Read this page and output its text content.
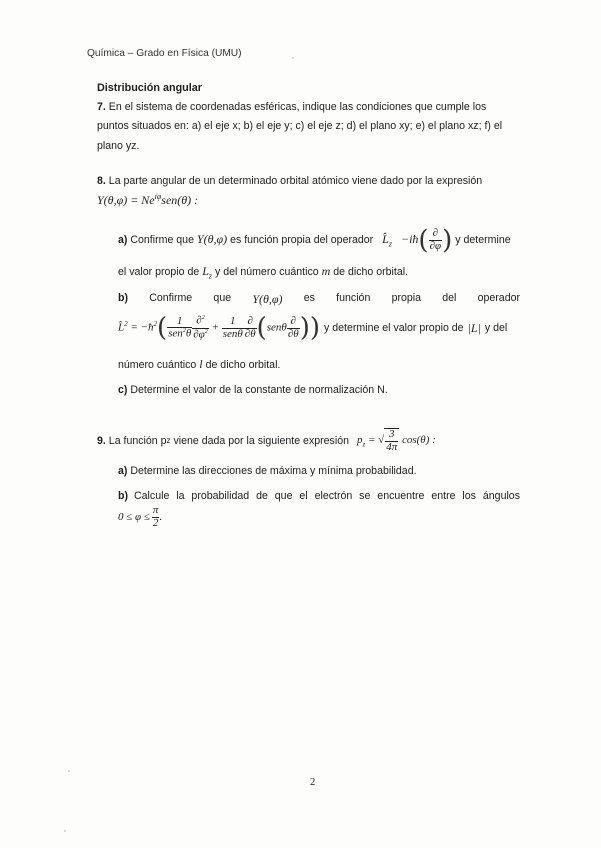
Química – Grado en Física (UMU)
Distribución angular
7. En el sistema de coordenadas esféricas, indique las condiciones que cumple los
puntos situados en: a) el eje x; b) el eje y; c) el eje z; d) el plano xy; e) el plano xz; f) el
plano yz.
8. La parte angular de un determinado orbital atómico viene dado por la expresión
$Y(\theta,\varphi) = Ne^{i\varphi}sen(\theta)$ :
a) Confirme que Y(θ,φ) es función propia del operador $L̂_z$   −iħ( $\frac{\partial}{\partial\varphi}$ ) y determine
el valor propio de $L_z$ y del número cuántico m de dicho orbital.
b) Confirme que Y(θ,φ) es función propia del operador
L̂$^2$ = $-ħ^2( \frac{1}{sen^2\theta} \frac{\partial^2}{\partial\varphi^2} + \frac{1}{\text{senθ}} \frac{\partial}{\partial\theta} (sen\theta \frac{\partial}{\partial\theta}$ )) y determine el valor propio de |L| y del
número cuántico l de dicho orbital.
c) Determine el valor de la constante de normalización N.
9.
La función p z
viene dada por la siguiente expresión $p_z$ = √ $\frac{3}{4\pi} \cos(\theta)$ :
a) Determine las direcciones de máxima y mínima probabilidad.
b) Calcule la probabilidad de que el electrón se encuentre entre los ángulos
$0 \le \varphi \le \frac{\pi}{2}$ .
2
